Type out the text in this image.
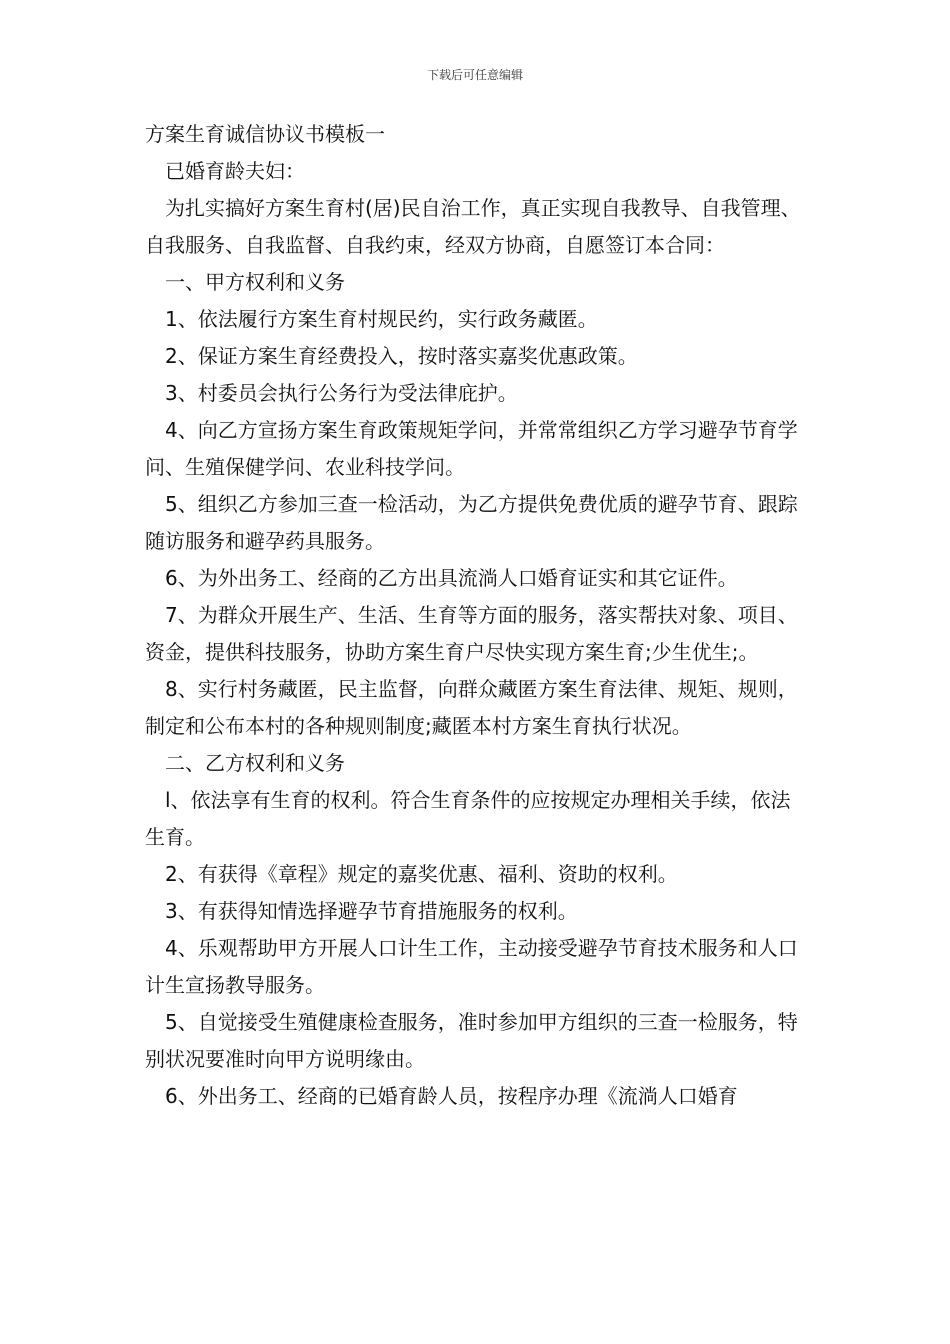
下载后可任意编辑

方案生育诚信协议书模板一

已婚育龄夫妇：

为扎实搞好方案生育村(居)民自治工作，真正实现自我教导、自我管理、自我服务、自我监督、自我约束，经双方协商，自愿签订本合同：

一、甲方权利和义务

1、依法履行方案生育村规民约，实行政务藏匿。

2、保证方案生育经费投入，按时落实嘉奖优惠政策。

3、村委员会执行公务行为受法律庇护。

4、向乙方宣扬方案生育政策规矩学问，并常常组织乙方学习避孕节育学问、生殖保健学问、农业科技学问。

5、组织乙方参加三查一检活动，为乙方提供免费优质的避孕节育、跟踪随访服务和避孕药具服务。

6、为外出务工、经商的乙方出具流淌人口婚育证实和其它证件。

7、为群众开展生产、生活、生育等方面的服务，落实帮扶对象、项目、资金，提供科技服务，协助方案生育户尽快实现方案生育;少生优生;。

8、实行村务藏匿，民主监督，向群众藏匿方案生育法律、规矩、规则，制定和公布本村的各种规则制度;藏匿本村方案生育执行状况。

二、乙方权利和义务

l、依法享有生育的权利。符合生育条件的应按规定办理相关手续，依法生育。

2、有获得《章程》规定的嘉奖优惠、福利、资助的权利。

3、有获得知情选择避孕节育措施服务的权利。

4、乐观帮助甲方开展人口计生工作，主动接受避孕节育技术服务和人口计生宣扬教导服务。

5、自觉接受生殖健康检查服务，准时参加甲方组织的三查一检服务，特别状况要准时向甲方说明缘由。

6、外出务工、经商的已婚育龄人员，按程序办理《流淌人口婚育
